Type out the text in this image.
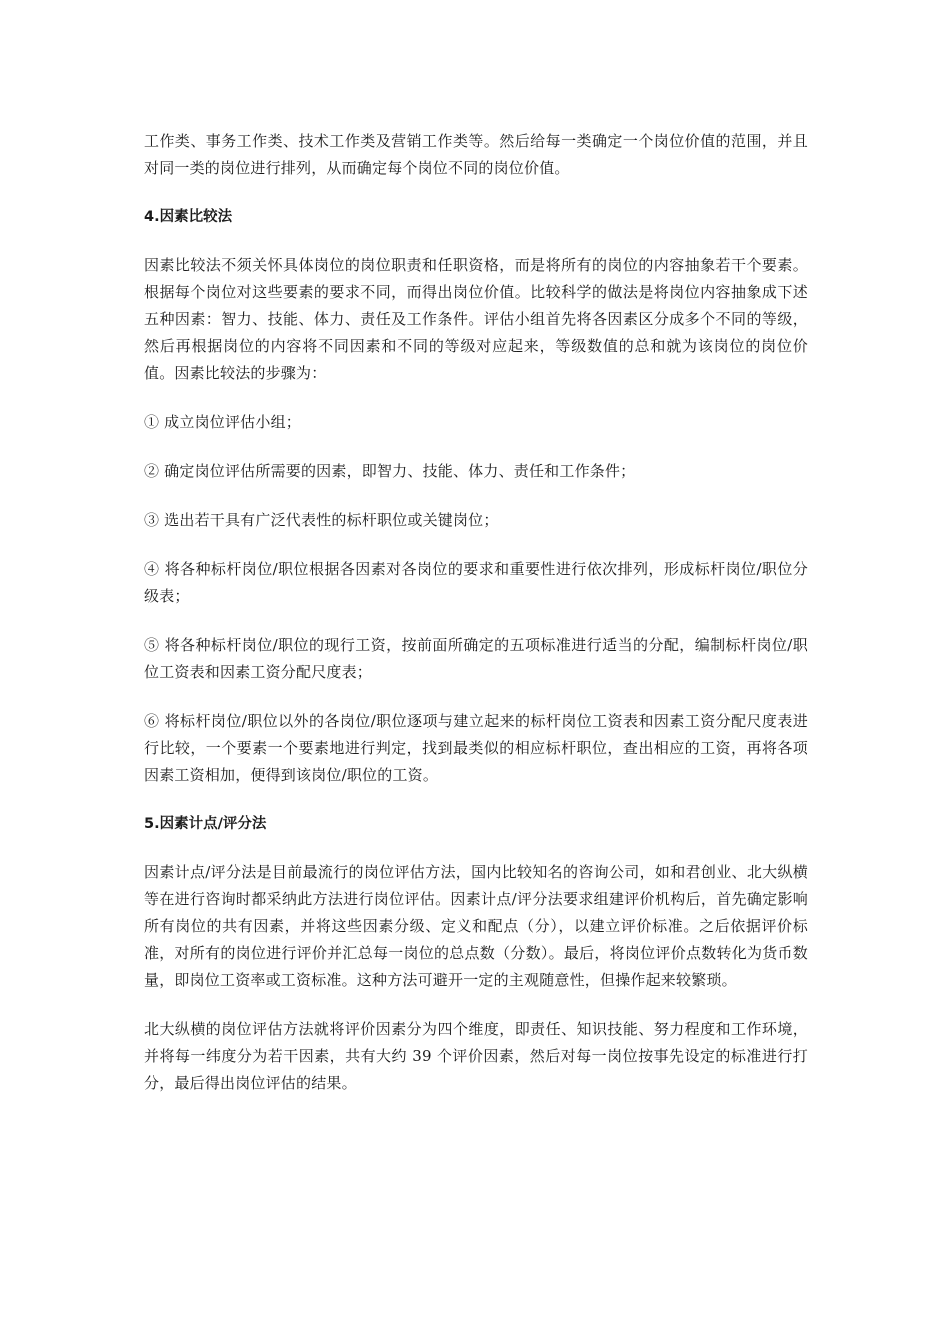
工作类、事务工作类、技术工作类及营销工作类等。然后给每一类确定一个岗位价值的范围，并且对同一类的岗位进行排列，从而确定每个岗位不同的岗位价值。

4.因素比较法

因素比较法不须关怀具体岗位的岗位职责和任职资格，而是将所有的岗位的内容抽象若干个要素。根据每个岗位对这些要素的要求不同，而得出岗位价值。比较科学的做法是将岗位内容抽象成下述五种因素：智力、技能、体力、责任及工作条件。评估小组首先将各因素区分成多个不同的等级，然后再根据岗位的内容将不同因素和不同的等级对应起来，等级数值的总和就为该岗位的岗位价值。因素比较法的步骤为：

① 成立岗位评估小组；

② 确定岗位评估所需要的因素，即智力、技能、体力、责任和工作条件；

③ 选出若干具有广泛代表性的标杆职位或关键岗位；

④ 将各种标杆岗位/职位根据各因素对各岗位的要求和重要性进行依次排列，形成标杆岗位/职位分级表；

⑤ 将各种标杆岗位/职位的现行工资，按前面所确定的五项标准进行适当的分配，编制标杆岗位/职位工资表和因素工资分配尺度表；

⑥ 将标杆岗位/职位以外的各岗位/职位逐项与建立起来的标杆岗位工资表和因素工资分配尺度表进行比较，一个要素一个要素地进行判定，找到最类似的相应标杆职位，查出相应的工资，再将各项因素工资相加，便得到该岗位/职位的工资。

5.因素计点/评分法

因素计点/评分法是目前最流行的岗位评估方法，国内比较知名的咨询公司，如和君创业、北大纵横等在进行咨询时都采纳此方法进行岗位评估。因素计点/评分法要求组建评价机构后，首先确定影响所有岗位的共有因素，并将这些因素分级、定义和配点（分），以建立评价标准。之后依据评价标准，对所有的岗位进行评价并汇总每一岗位的总点数（分数）。最后，将岗位评价点数转化为货币数量，即岗位工资率或工资标准。这种方法可避开一定的主观随意性，但操作起来较繁琐。

北大纵横的岗位评估方法就将评价因素分为四个维度，即责任、知识技能、努力程度和工作环境，并将每一纬度分为若干因素，共有大约 39 个评价因素，然后对每一岗位按事先设定的标准进行打分，最后得出岗位评估的结果。
